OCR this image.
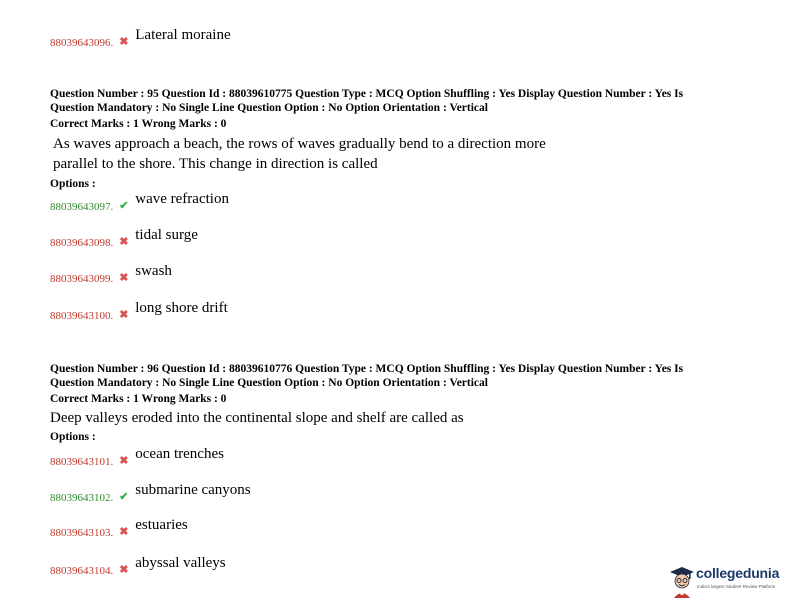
88039643096. ✖ Lateral moraine
Question Number : 95 Question Id : 88039610775 Question Type : MCQ Option Shuffling : Yes Display Question Number : Yes Is
Question Mandatory : No Single Line Question Option : No Option Orientation : Vertical
Correct Marks : 1 Wrong Marks : 0
As waves approach a beach, the rows of waves gradually bend to a direction more
parallel to the shore. This change in direction is called
Options :
88039643097. ✔ wave refraction
88039643098. ✖ tidal surge
88039643099. ✖ swash
88039643100. ✖ long shore drift
Question Number : 96 Question Id : 88039610776 Question Type : MCQ Option Shuffling : Yes Display Question Number : Yes Is
Question Mandatory : No Single Line Question Option : No Option Orientation : Vertical
Correct Marks : 1 Wrong Marks : 0
Deep valleys eroded into the continental slope and shelf are called as
Options :
88039643101. ✖ ocean trenches
88039643102. ✔ submarine canyons
88039643103. ✖ estuaries
88039643104. ✖ abyssal valleys
collegedunia
India's largest Student Review Platform
